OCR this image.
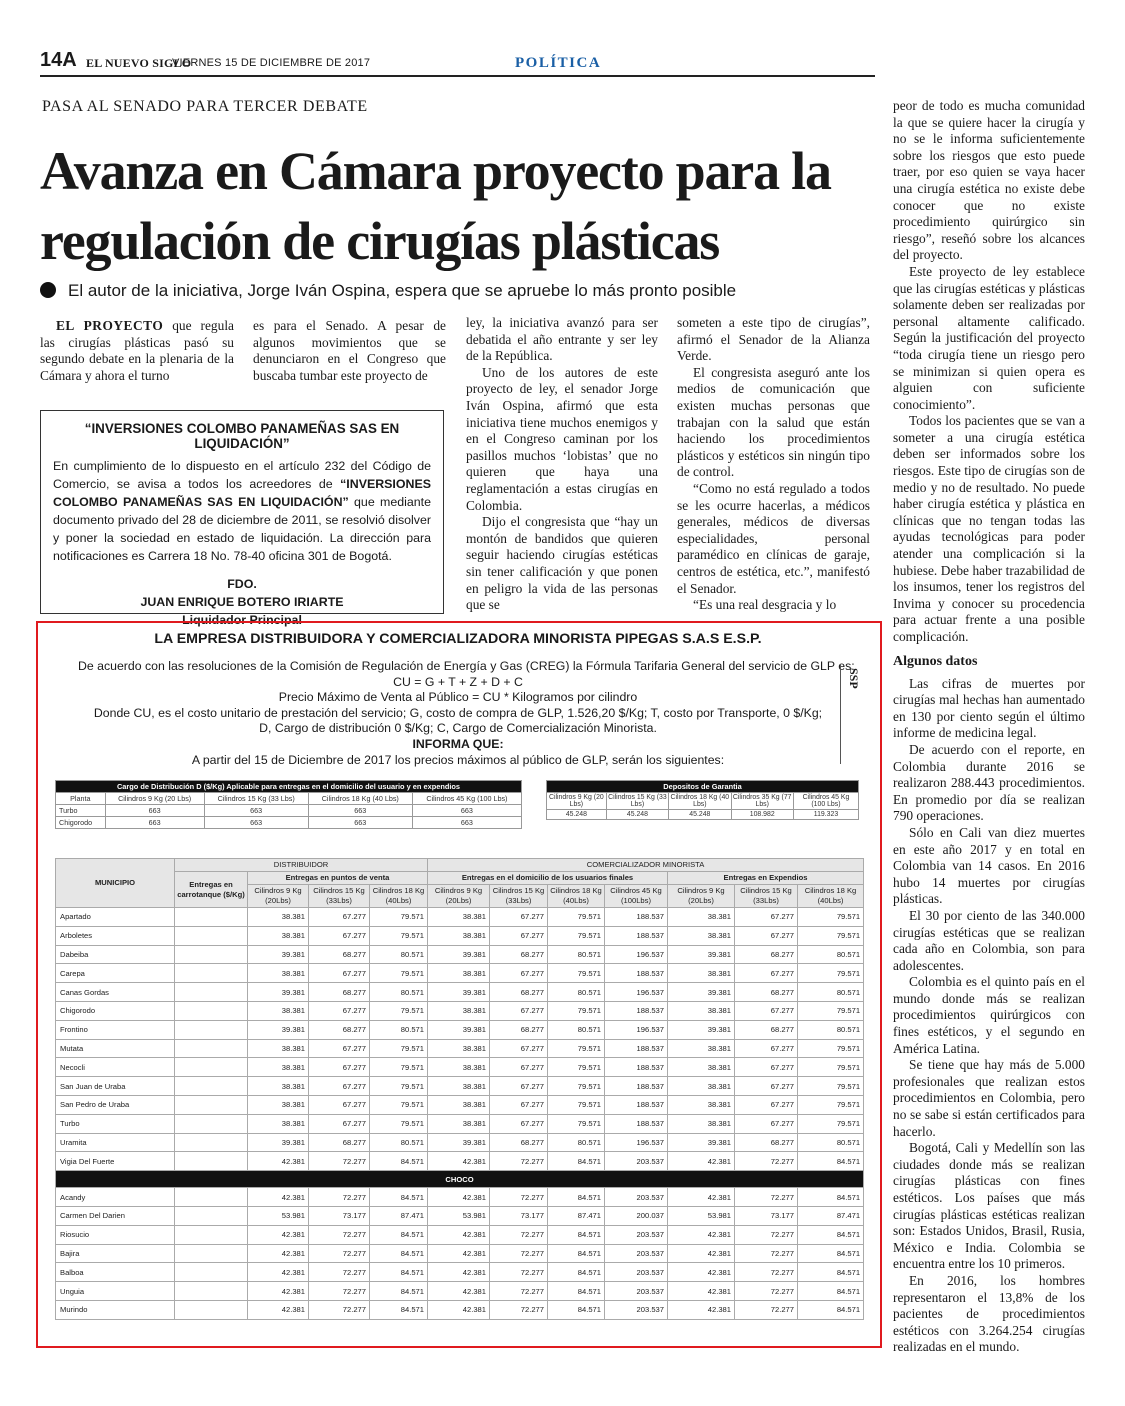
14A EL NUEVO SIGLO
VIERNES 15 DE DICIEMBRE DE 2017	POLÍTICA
PASA AL SENADO PARA TERCER DEBATE
Avanza en Cámara proyecto para la regulación de cirugías plásticas
El autor de la iniciativa, Jorge Iván Ospina, espera que se apruebe lo más pronto posible

EL PROYECTO que regula las cirugías plásticas pasó su segundo debate en la plenaria de la Cámara y ahora el turno

es para el Senado. A pesar de algunos movimientos que se denunciaron en el Congreso que buscaba tumbar este proyecto de

ley, la iniciativa avanzó para ser debatida el año entrante y ser ley de la República.

Uno de los autores de este proyecto de ley, el senador Jorge Iván Ospina, afirmó que esta iniciativa tiene muchos enemigos y en el Congreso caminan por los pasillos muchos ‘lobistas’ que no quieren que haya una reglamentación a estas cirugías en Colombia.

Dijo el congresista que “hay un montón de bandidos que quieren seguir haciendo cirugías estéticas sin tener calificación y que ponen en peligro la vida de las personas que se

someten a este tipo de cirugías”, afirmó el Senador de la Alianza Verde.

El congresista aseguró ante los medios de comunicación que existen muchas personas que trabajan con la salud que están haciendo los procedimientos plásticos y estéticos sin ningún tipo de control.

“Como no está regulado a todos se les ocurre hacerlas, a médicos generales, médicos de diversas especialidades, personal paramédico en clínicas de garaje, centros de estética, etc.”, manifestó el Senador.

“Es una real desgracia y lo

peor de todo es mucha comunidad la que se quiere hacer la cirugía y no se le informa suficientemente sobre los riesgos que esto puede traer, por eso quien se vaya hacer una cirugía estética no existe debe conocer que no existe procedimiento quirúrgico sin riesgo”, reseñó sobre los alcances del proyecto.

Este proyecto de ley establece que las cirugías estéticas y plásticas solamente deben ser realizadas por personal altamente calificado. Según la justificación del proyecto “toda cirugía tiene un riesgo pero se minimizan si quien opera es alguien con suficiente conocimiento”.

Todos los pacientes que se van a someter a una cirugía estética deben ser informados sobre los riesgos. Este tipo de cirugías son de medio y no de resultado. No puede haber cirugía estética y plástica en clínicas que no tengan todas las ayudas tecnológicas para poder atender una complicación si la hubiese. Debe haber trazabilidad de los insumos, tener los registros del Invima y conocer su procedencia para actuar frente a una posible complicación.

Algunos datos

Las cifras de muertes por cirugías mal hechas han aumentado en 130 por ciento según el último informe de medicina legal.

De acuerdo con el reporte, en Colombia durante 2016 se realizaron 288.443 procedimientos. En promedio por día se realizan 790 operaciones.

Sólo en Cali van diez muertes en este año 2017 y en total en Colombia van 14 casos. En 2016 hubo 14 muertes por cirugías plásticas.

El 30 por ciento de las 340.000 cirugías estéticas que se realizan cada año en Colombia, son para adolescentes.

Colombia es el quinto país en el mundo donde más se realizan procedimientos quirúrgicos con fines estéticos, y el segundo en América Latina.

Se tiene que hay más de 5.000 profesionales que realizan estos procedimientos en Colombia, pero no se sabe si están certificados para hacerlo.

Bogotá, Cali y Medellín son las ciudades donde más se realizan cirugías plásticas con fines estéticos. Los países que más cirugías plásticas estéticas realizan son: Estados Unidos, Brasil, Rusia, México e India. Colombia se encuentra entre los 10 primeros.

En 2016, los hombres representaron el 13,8% de los pacientes de procedimientos estéticos con 3.264.254 cirugías realizadas en el mundo.

“INVERSIONES COLOMBO PANAMEÑAS SAS EN LIQUIDACIÓN”
En cumplimiento de lo dispuesto en el artículo 232 del Código de Comercio, se avisa a todos los acreedores de “INVERSIONES COLOMBO PANAMEÑAS SAS EN LIQUIDACIÓN” que mediante documento privado del 28 de diciembre de 2011, se resolvió disolver y poner la sociedad en estado de liquidación. La dirección para notificaciones es Carrera 18 No. 78-40 oficina 301 de Bogotá.
FDO.
JUAN ENRIQUE BOTERO IRIARTE
Liquidador Principal
LA EMPRESA DISTRIBUIDORA Y COMERCIALIZADORA MINORISTA PIPEGAS S.A.S E.S.P.
De acuerdo con las resoluciones de la Comisión de Regulación de Energía y Gas (CREG) la Fórmula Tarifaria General del servicio de GLP es:
CU = G + T + Z + D + C
Precio Máximo de Venta al Público = CU * Kilogramos por cilindro
Donde CU, es el costo unitario de prestación del servicio; G, costo de compra de GLP, 1.526,20 $/Kg; T, costo por Transporte, 0 $/Kg;
D, Cargo de distribución 0 $/Kg; C, Cargo de Comercialización Minorista.
INFORMA QUE:
A partir del 15 de Diciembre de 2017 los precios máximos al público de GLP, serán los siguientes:
SSP
Cargo de Distribución D ($/Kg) Aplicable para entregas en el domicilio del usuario y en expendios				
Planta	Cilindros 9 Kg (20 Lbs)	Cilindros 15 Kg (33 Lbs)	Cilindros 18 Kg (40 Lbs)	Cilindros 45 Kg (100 Lbs)
Turbo	663	663	663	663
Chigorodo	663	663	663	663
Depositos de Garantia				
Cilindros 9 Kg (20 Lbs)	Cilindros 15 Kg (33 Lbs)	Cilindros 18 Kg (40 Lbs)	Cilindros 35 Kg (77 Lbs)	Cilindros 45 Kg (100 Lbs)
45.248	45.248	45.248	108.982	119.323
MUNICIPIO	DISTRIBUIDOR				COMERCIALIZADOR MINORISTA						
	Entregas en carrotanque ($/Kg)	Entregas en puntos de venta			Entregas en el domicilio de los usuarios finales				Entregas en Expendios		
		Cilindros 9 Kg (20Lbs)	Cilindros 15 Kg (33Lbs)	Cilindros 18 Kg (40Lbs)	Cilindros 9 Kg (20Lbs)	Cilindros 15 Kg (33Lbs)	Cilindros 18 Kg (40Lbs)	Cilindros 45 Kg (100Lbs)	Cilindros 9 Kg (20Lbs)	Cilindros 15 Kg (33Lbs)	Cilindros 18 Kg (40Lbs)
Apartado		38.381	67.277	79.571	38.381	67.277	79.571	188.537	38.381	67.277	79.571
Arboletes		38.381	67.277	79.571	38.381	67.277	79.571	188.537	38.381	67.277	79.571
Dabeiba		39.381	68.277	80.571	39.381	68.277	80.571	196.537	39.381	68.277	80.571
Carepa		38.381	67.277	79.571	38.381	67.277	79.571	188.537	38.381	67.277	79.571
Canas Gordas		39.381	68.277	80.571	39.381	68.277	80.571	196.537	39.381	68.277	80.571
Chigorodo		38.381	67.277	79.571	38.381	67.277	79.571	188.537	38.381	67.277	79.571
Frontino		39.381	68.277	80.571	39.381	68.277	80.571	196.537	39.381	68.277	80.571
Mutata		38.381	67.277	79.571	38.381	67.277	79.571	188.537	38.381	67.277	79.571
Necocli		38.381	67.277	79.571	38.381	67.277	79.571	188.537	38.381	67.277	79.571
San Juan de Uraba		38.381	67.277	79.571	38.381	67.277	79.571	188.537	38.381	67.277	79.571
San Pedro de Uraba		38.381	67.277	79.571	38.381	67.277	79.571	188.537	38.381	67.277	79.571
Turbo		38.381	67.277	79.571	38.381	67.277	79.571	188.537	38.381	67.277	79.571
Uramita		39.381	68.277	80.571	39.381	68.277	80.571	196.537	39.381	68.277	80.571
Vigia Del Fuerte		42.381	72.277	84.571	42.381	72.277	84.571	203.537	42.381	72.277	84.571
CHOCO											
Acandy		42.381	72.277	84.571	42.381	72.277	84.571	203.537	42.381	72.277	84.571
Carmen Del Darien		53.981	73.177	87.471	53.981	73.177	87.471	200.037	53.981	73.177	87.471
Riosucio		42.381	72.277	84.571	42.381	72.277	84.571	203.537	42.381	72.277	84.571
Bajira		42.381	72.277	84.571	42.381	72.277	84.571	203.537	42.381	72.277	84.571
Balboa		42.381	72.277	84.571	42.381	72.277	84.571	203.537	42.381	72.277	84.571
Unguia		42.381	72.277	84.571	42.381	72.277	84.571	203.537	42.381	72.277	84.571
Murindo		42.381	72.277	84.571	42.381	72.277	84.571	203.537	42.381	72.277	84.571
